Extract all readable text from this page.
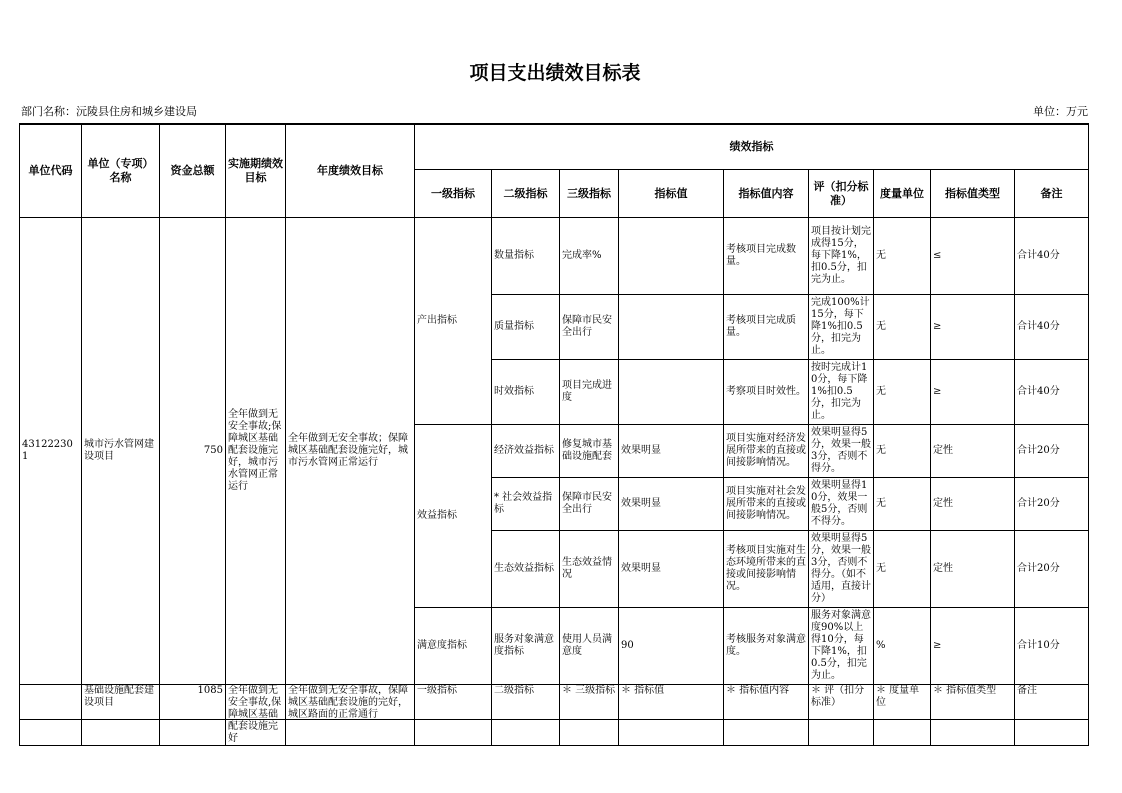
项目支出绩效目标表
部门名称：沅陵县住房和城乡建设局	单位：万元
单位代码	单位（专项）名称	资金总额	实施期绩效目标	年度绩效目标	绩效指标								
					一级指标	二级指标	三级指标	指标值	指标值内容	评（扣分标准）	度量单位	指标值类型	备注
431222301	城市污水管网建设项目	750	全年做到无安全事故;保障城区基础配套设施完好，城市污水管网正常运行	全年做到无安全事故；保障城区基础配套设施完好，城市污水管网正常运行	产出指标	数量指标	完成率%		考核项目完成数量。	项目按计划完成得15分，每下降1%，扣0.5分，扣完为止。	无	≤	合计40分
						质量指标	保障市民安全出行		考核项目完成质量。	完成100%计15分，每下降1%扣0.5分，扣完为止。	无	≥	合计40分
						时效指标	项目完成进度		考察项目时效性。	按时完成计10分，每下降1%扣0.5分，扣完为止。	无	≥	合计40分
					效益指标	经济效益指标	修复城市基础设施配套	效果明显	项目实施对经济发展所带来的直接或间接影响情况。	效果明显得5分，效果一般3分，否则不得分。	无	定性	合计20分
						* 社会效益指标	保障市民安全出行	效果明显	项目实施对社会发展所带来的直接或间接影响情况。	效果明显得10分，效果一般5分，否则不得分。	无	定性	合计20分
						生态效益指标	生态效益情况	效果明显	考核项目实施对生态环境所带来的直接或间接影响情况。	效果明显得5分，效果一般3分，否则不得分。（如不适用，直接计分）	无	定性	合计20分
					满意度指标	服务对象满意度指标	使用人员满意度	90	考核服务对象满意度。	服务对象满意度90%以上得10分，每下降1%，扣0.5分，扣完为止。	%	≥	合计10分
	基础设施配套建设项目	1085	全年做到无安全事故,保障城区基础配套设施完好	全年做到无安全事故，保障城区基础配套设施的完好，城区路面的正常通行	一级指标	二级指标	＊ 三级指标	＊ 指标值	＊ 指标值内容	＊ 评（扣分标准）	＊ 度量单位	＊ 指标值类型	备注
